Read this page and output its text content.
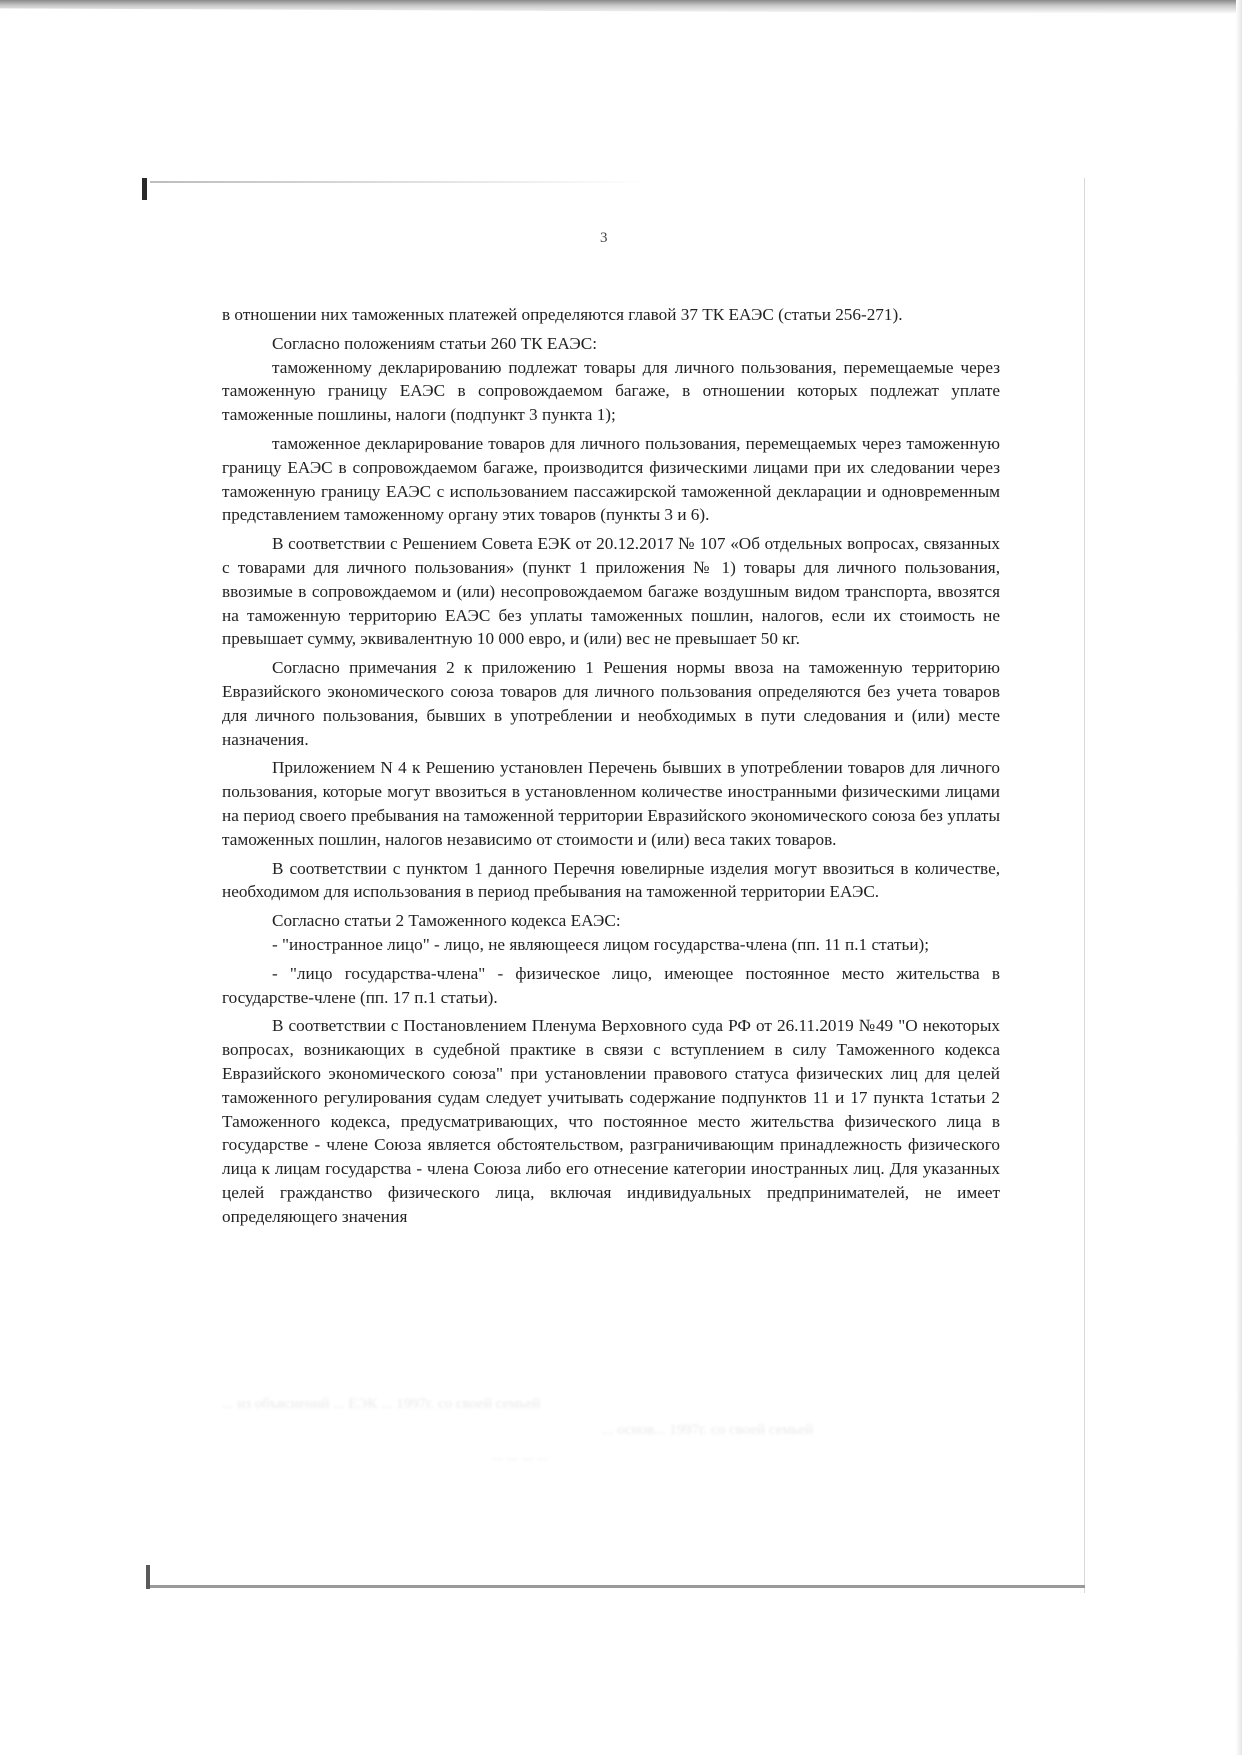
3

в отношении них таможенных платежей определяются главой 37 ТК ЕАЭС (статьи 256-271).

Согласно положениям статьи 260 ТК ЕАЭС:

таможенному декларированию подлежат товары для личного пользования, перемещаемые через таможенную границу ЕАЭС в сопровождаемом багаже, в отношении которых подлежат уплате таможенные пошлины, налоги (подпункт 3 пункта 1);

таможенное декларирование товаров для личного пользования, перемещаемых через таможенную границу ЕАЭС в сопровождаемом багаже, производится физическими лицами при их следовании через таможенную границу ЕАЭС с использованием пассажирской таможенной декларации и одновременным представлением таможенному органу этих товаров (пункты 3 и 6).

В соответствии с Решением Совета ЕЭК от 20.12.2017 № 107 «Об отдельных вопросах, связанных с товарами для личного пользования» (пункт 1 приложения № 1) товары для личного пользования, ввозимые в сопровождаемом и (или) несопровождаемом багаже воздушным видом транспорта, ввозятся на таможенную территорию ЕАЭС без уплаты таможенных пошлин, налогов, если их стоимость не превышает сумму, эквивалентную 10 000 евро, и (или) вес не превышает 50 кг.

Согласно примечания 2 к приложению 1 Решения нормы ввоза на таможенную территорию Евразийского экономического союза товаров для личного пользования определяются без учета товаров для личного пользования, бывших в употреблении и необходимых в пути следования и (или) месте назначения.

Приложением N 4 к Решению установлен Перечень бывших в употреблении товаров для личного пользования, которые могут ввозиться в установленном количестве иностранными физическими лицами на период своего пребывания на таможенной территории Евразийского экономического союза без уплаты таможенных пошлин, налогов независимо от стоимости и (или) веса таких товаров.

В соответствии с пунктом 1 данного Перечня ювелирные изделия могут ввозиться в количестве, необходимом для использования в период пребывания на таможенной территории ЕАЭС.

Согласно статьи 2 Таможенного кодекса ЕАЭС:

- "иностранное лицо" - лицо, не являющееся лицом государства-члена (пп. 11 п.1 статьи);

- "лицо государства-члена" - физическое лицо, имеющее постоянное место жительства в государстве-члене (пп. 17 п.1 статьи).

В соответствии с Постановлением Пленума Верховного суда РФ от 26.11.2019 №49 "О некоторых вопросах, возникающих в судебной практике в связи с вступлением в силу Таможенного кодекса Евразийского экономического союза" при установлении правового статуса физических лиц для целей таможенного регулирования судам следует учитывать содержание подпунктов 11 и 17 пункта 1статьи 2 Таможенного кодекса, предусматривающих, что постоянное место жительства физического лица в государстве - члене Союза является обстоятельством, разграничивающим принадлежность физического лица к лицам государства - члена Союза либо его отнесение категории иностранных лиц. Для указанных целей гражданство физического лица, включая индивидуальных предпринимателей, не имеет определяющего значения
